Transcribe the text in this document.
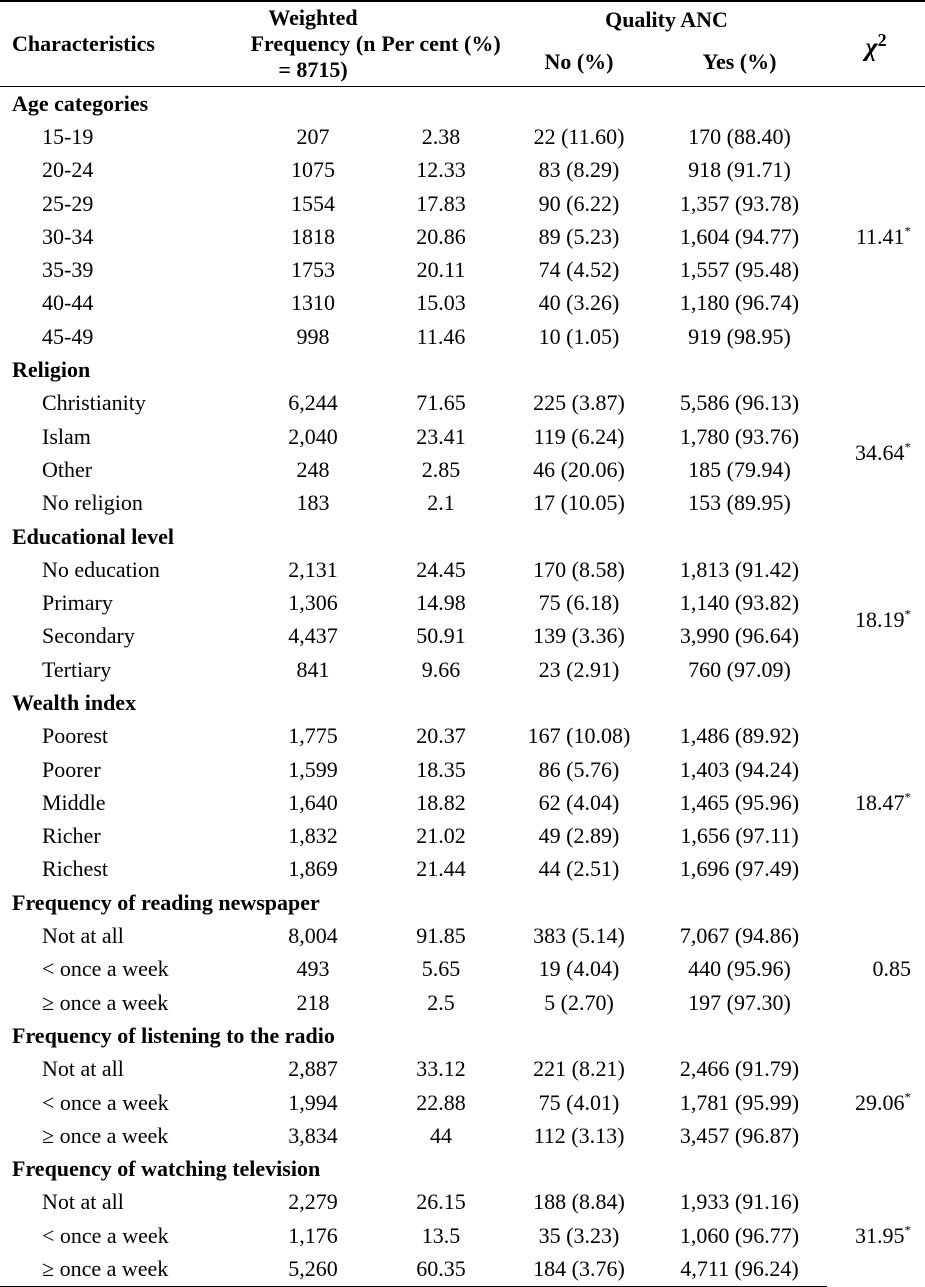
Characteristics	Weighted Frequency (n = 8715)	Per cent (%)	Quality ANC		$\chi^2$
			No (%)	Yes (%)	
Age categories					
15-19	207	2.38	22 (11.60)	170 (88.40)	11.41*
20-24	1075	12.33	83 (8.29)	918 (91.71)	
25-29	1554	17.83	90 (6.22)	1,357 (93.78)	
30-34	1818	20.86	89 (5.23)	1,604 (94.77)	
35-39	1753	20.11	74 (4.52)	1,557 (95.48)	
40-44	1310	15.03	40 (3.26)	1,180 (96.74)	
45-49	998	11.46	10 (1.05)	919 (98.95)	
Religion					
Christianity	6,244	71.65	225 (3.87)	5,586 (96.13)	34.64*
Islam	2,040	23.41	119 (6.24)	1,780 (93.76)	
Other	248	2.85	46 (20.06)	185 (79.94)	
No religion	183	2.1	17 (10.05)	153 (89.95)	
Educational level					
No education	2,131	24.45	170 (8.58)	1,813 (91.42)	18.19*
Primary	1,306	14.98	75 (6.18)	1,140 (93.82)	
Secondary	4,437	50.91	139 (3.36)	3,990 (96.64)	
Tertiary	841	9.66	23 (2.91)	760 (97.09)	
Wealth index					
Poorest	1,775	20.37	167 (10.08)	1,486 (89.92)	18.47*
Poorer	1,599	18.35	86 (5.76)	1,403 (94.24)	
Middle	1,640	18.82	62 (4.04)	1,465 (95.96)	
Richer	1,832	21.02	49 (2.89)	1,656 (97.11)	
Richest	1,869	21.44	44 (2.51)	1,696 (97.49)	
Frequency of reading newspaper					
Not at all	8,004	91.85	383 (5.14)	7,067 (94.86)	0.85
< once a week	493	5.65	19 (4.04)	440 (95.96)	
≥ once a week	218	2.5	5 (2.70)	197 (97.30)	
Frequency of listening to the radio					
Not at all	2,887	33.12	221 (8.21)	2,466 (91.79)	29.06*
< once a week	1,994	22.88	75 (4.01)	1,781 (95.99)	
≥ once a week	3,834	44	112 (3.13)	3,457 (96.87)	
Frequency of watching television					
Not at all	2,279	26.15	188 (8.84)	1,933 (91.16)	31.95*
< once a week	1,176	13.5	35 (3.23)	1,060 (96.77)	
≥ once a week	5,260	60.35	184 (3.76)	4,711 (96.24)	
